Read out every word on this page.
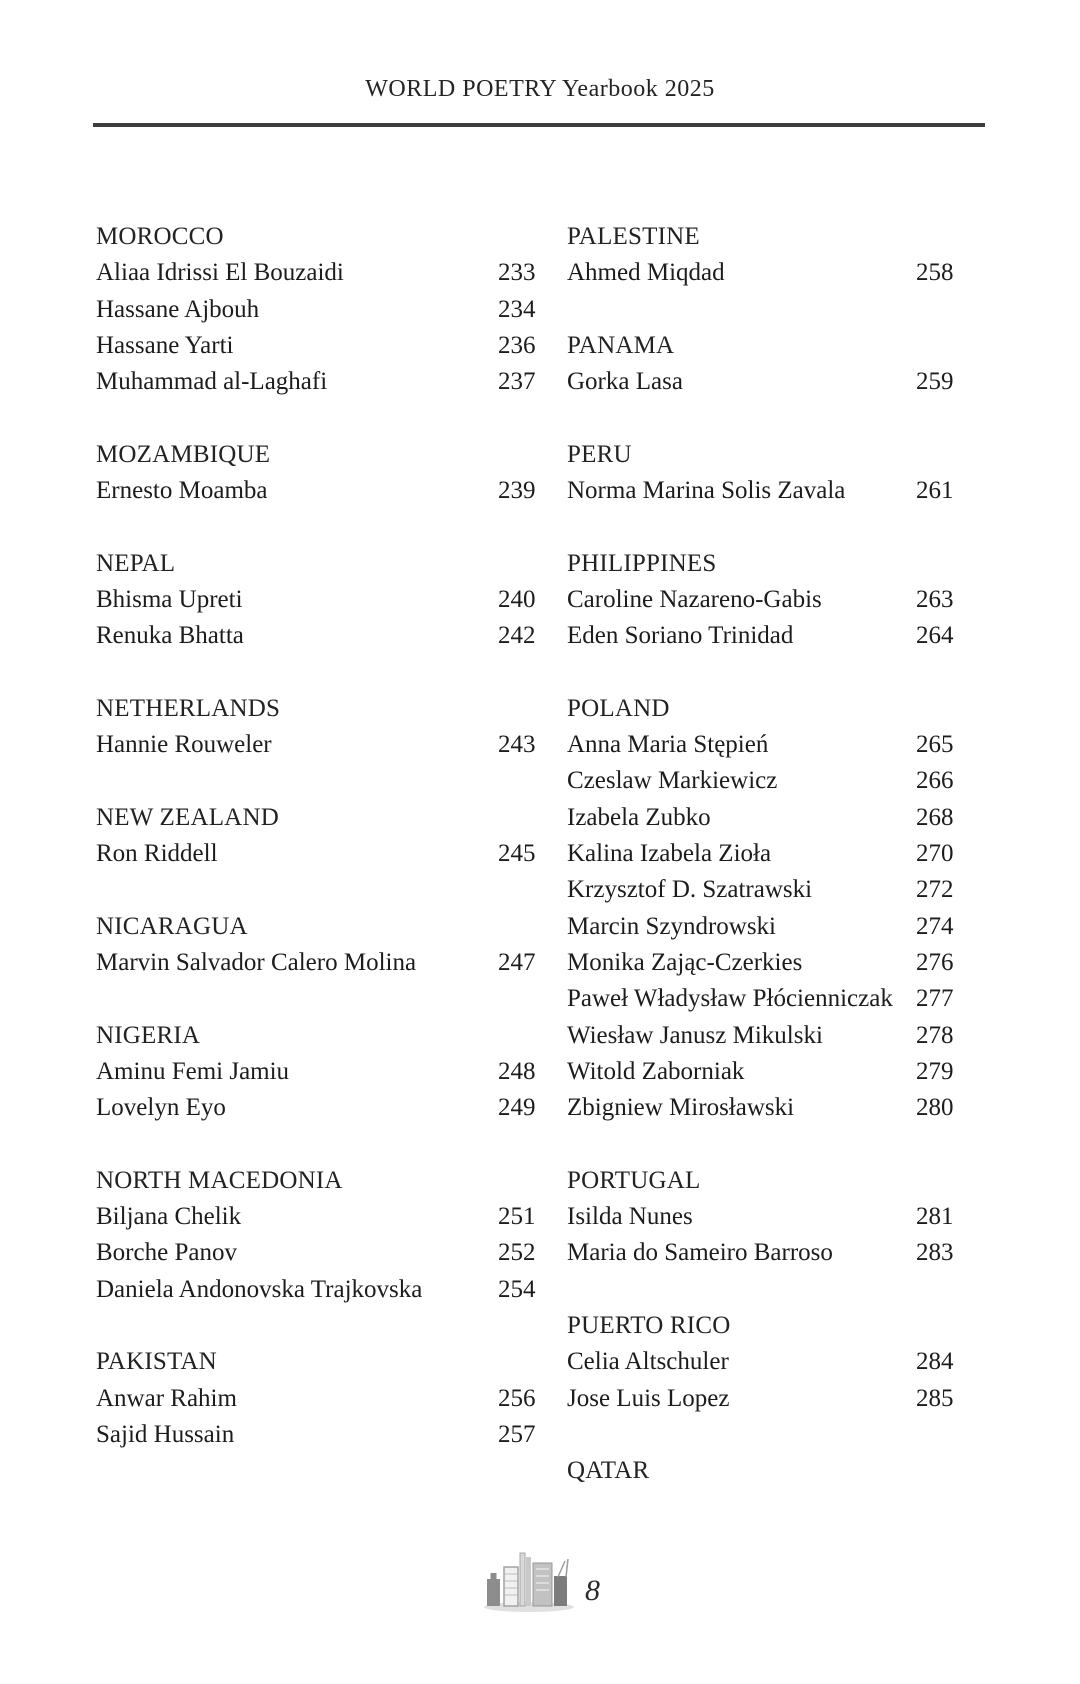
WORLD POETRY Yearbook 2025
MOROCCO
Aliaa Idrissi El Bouzaidi	233
Hassane Ajbouh	234
Hassane Yarti	236
Muhammad al-Laghafi	237
MOZAMBIQUE
Ernesto Moamba	239
NEPAL
Bhisma Upreti	240
Renuka Bhatta	242
NETHERLANDS
Hannie Rouweler	243
NEW ZEALAND
Ron Riddell	245
NICARAGUA
Marvin Salvador Calero Molina	247
NIGERIA
Aminu Femi Jamiu	248
Lovelyn Eyo	249
NORTH MACEDONIA
Biljana Chelik	251
Borche Panov	252
Daniela Andonovska Trajkovska	254
PAKISTAN
Anwar Rahim	256
Sajid Hussain	257
PALESTINE
Ahmed Miqdad	258
PANAMA
Gorka Lasa	259
PERU
Norma Marina Solis Zavala	261
PHILIPPINES
Caroline Nazareno-Gabis	263
Eden Soriano Trinidad	264
POLAND
Anna Maria Stępień	265
Czeslaw Markiewicz	266
Izabela Zubko	268
Kalina Izabela Zioła	270
Krzysztof D. Szatrawski	272
Marcin Szyndrowski	274
Monika Zając-Czerkies	276
Paweł Władysław Płócienniczak 277
Wiesław Janusz Mikulski	278
Witold Zaborniak	279
Zbigniew Mirosławski	280
PORTUGAL
Isilda Nunes	281
Maria do Sameiro Barroso	283
PUERTO RICO
Celia Altschuler	284
Jose Luis Lopez	285
QATAR
8
